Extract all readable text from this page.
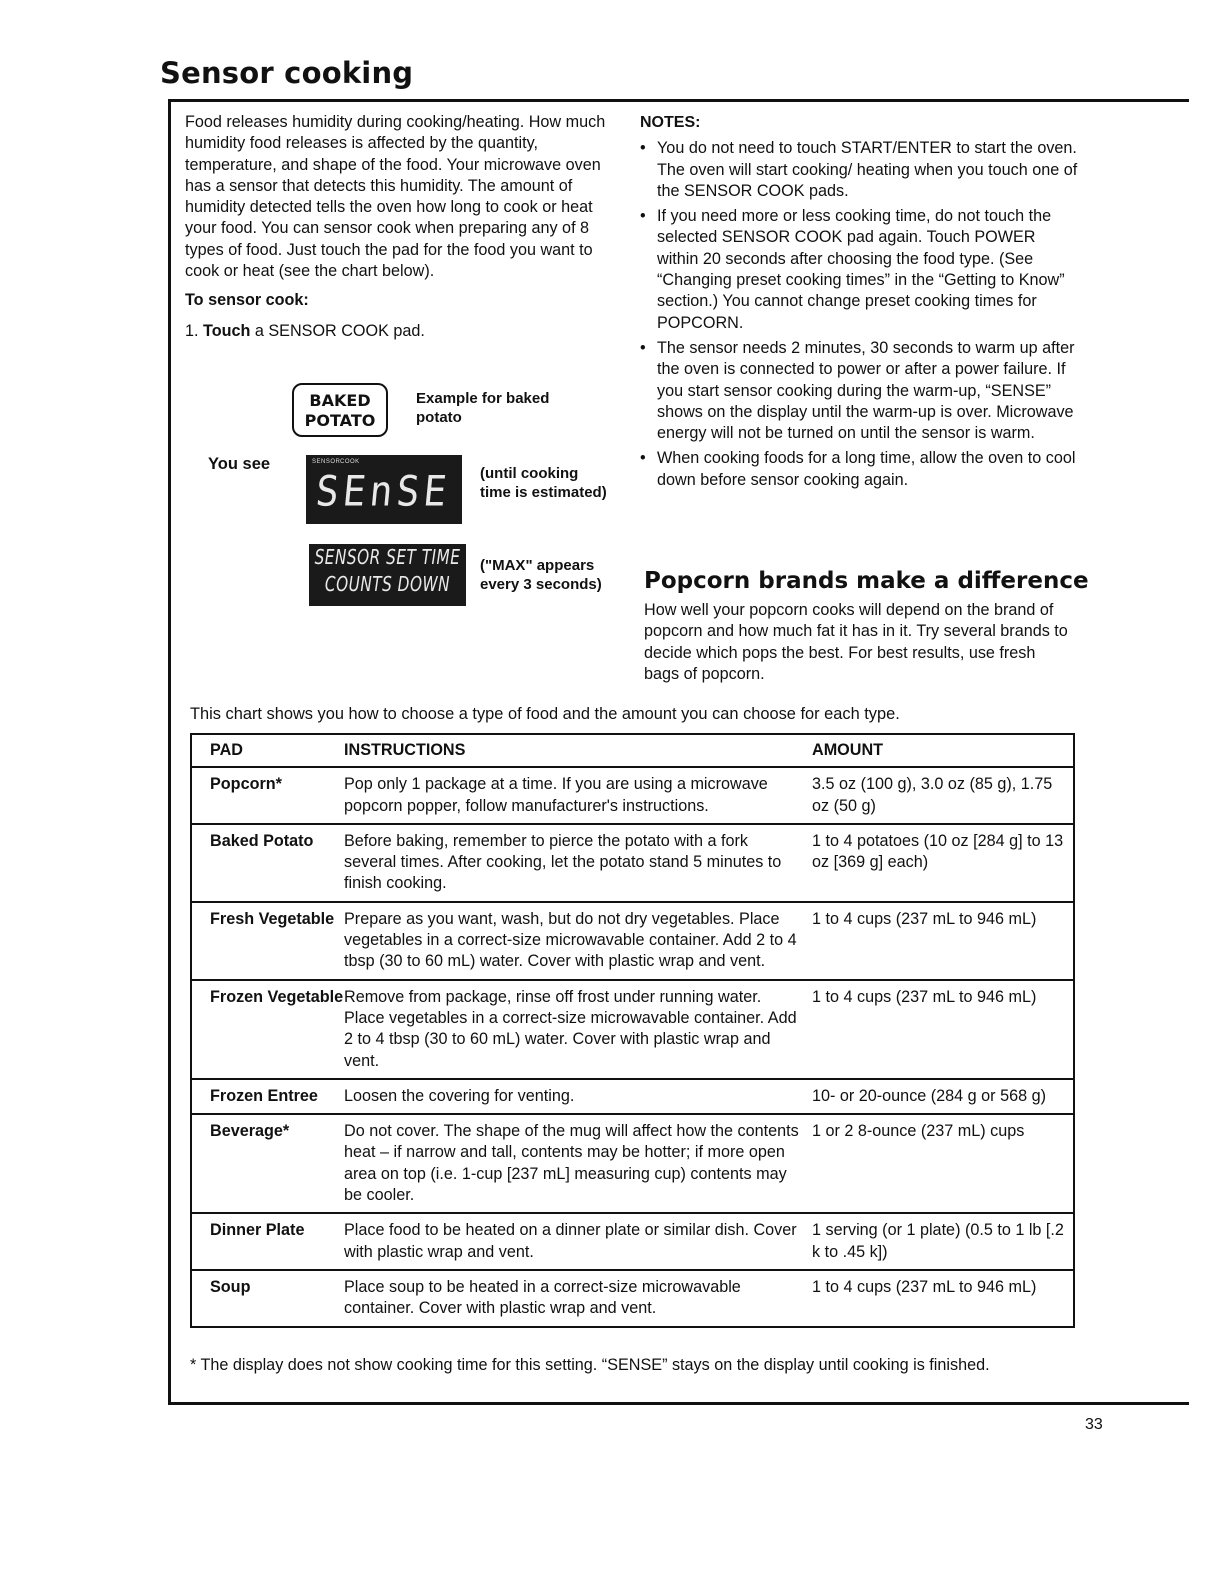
Sensor cooking

Food releases humidity during cooking/heating. How much humidity food releases is affected by the quantity, temperature, and shape of the food. Your microwave oven has a sensor that detects this humidity. The amount of humidity detected tells the oven how long to cook or heat your food. You can sensor cook when preparing any of 8 types of food. Just touch the pad for the food you want to cook or heat (see the chart below).

To sensor cook:

1. Touch a SENSOR COOK pad.

BAKED
POTATO
Example for baked potato
You see	SENSOR COOK
SEnSE (until cooking time is estimated)
SENSOR SET TIME
COUNTS DOWN
("MAX" appears every 3 seconds)
NOTES:
• You do not need to touch START/ENTER to start the oven. The oven will start cooking/ heating when you touch one of the SENSOR COOK pads.
• If you need more or less cooking time, do not touch the selected SENSOR COOK pad again. Touch POWER within 20 seconds after choosing the food type. (See “Changing preset cooking times” in the “Getting to Know” section.) You cannot change preset cooking times for POPCORN.
• The sensor needs 2 minutes, 30 seconds to warm up after the oven is connected to power or after a power failure. If you start sensor cooking during the warm-up, “SENSE” shows on the display until the warm-up is over. Microwave energy will not be turned on until the sensor is warm.
• When cooking foods for a long time, allow the oven to cool down before sensor cooking again.
Popcorn brands make a difference

How well your popcorn cooks will depend on the brand of popcorn and how much fat it has in it. Try several brands to decide which pops the best. For best results, use fresh bags of popcorn.

This chart shows you how to choose a type of food and the amount you can choose for each type.

PAD	INSTRUCTIONS	AMOUNT
Popcorn*	Pop only 1 package at a time. If you are using a microwave popcorn popper, follow manufacturer's instructions.	3.5 oz (100 g), 3.0 oz (85 g), 1.75 oz (50 g)
Baked Potato	Before baking, remember to pierce the potato with a fork several times. After cooking, let the potato stand 5 minutes to finish cooking.	1 to 4 potatoes (10 oz [284 g] to 13 oz [369 g] each)
Fresh Vegetable	Prepare as you want, wash, but do not dry vegetables. Place vegetables in a correct-size microwavable container. Add 2 to 4 tbsp (30 to 60 mL) water. Cover with plastic wrap and vent.	1 to 4 cups (237 mL to 946 mL)
Frozen Vegetable	Remove from package, rinse off frost under running water. Place vegetables in a correct-size microwavable container. Add 2 to 4 tbsp (30 to 60 mL) water. Cover with plastic wrap and vent.	1 to 4 cups (237 mL to 946 mL)
Frozen Entree	Loosen the covering for venting.	10- or 20-ounce (284 g or 568 g)
Beverage*	Do not cover. The shape of the mug will affect how the contents heat – if narrow and tall, contents may be hotter; if more open area on top (i.e. 1-cup [237 mL] measuring cup) contents may be cooler.	1 or 2 8-ounce (237 mL) cups
Dinner Plate	Place food to be heated on a dinner plate or similar dish. Cover with plastic wrap and vent.	1 serving (or 1 plate) (0.5 to 1 lb [.2 k to .45 k])
Soup	Place soup to be heated in a correct-size microwavable container. Cover with plastic wrap and vent.	1 to 4 cups (237 mL to 946 mL)

* The display does not show cooking time for this setting. “SENSE” stays on the display until cooking is finished.

33
